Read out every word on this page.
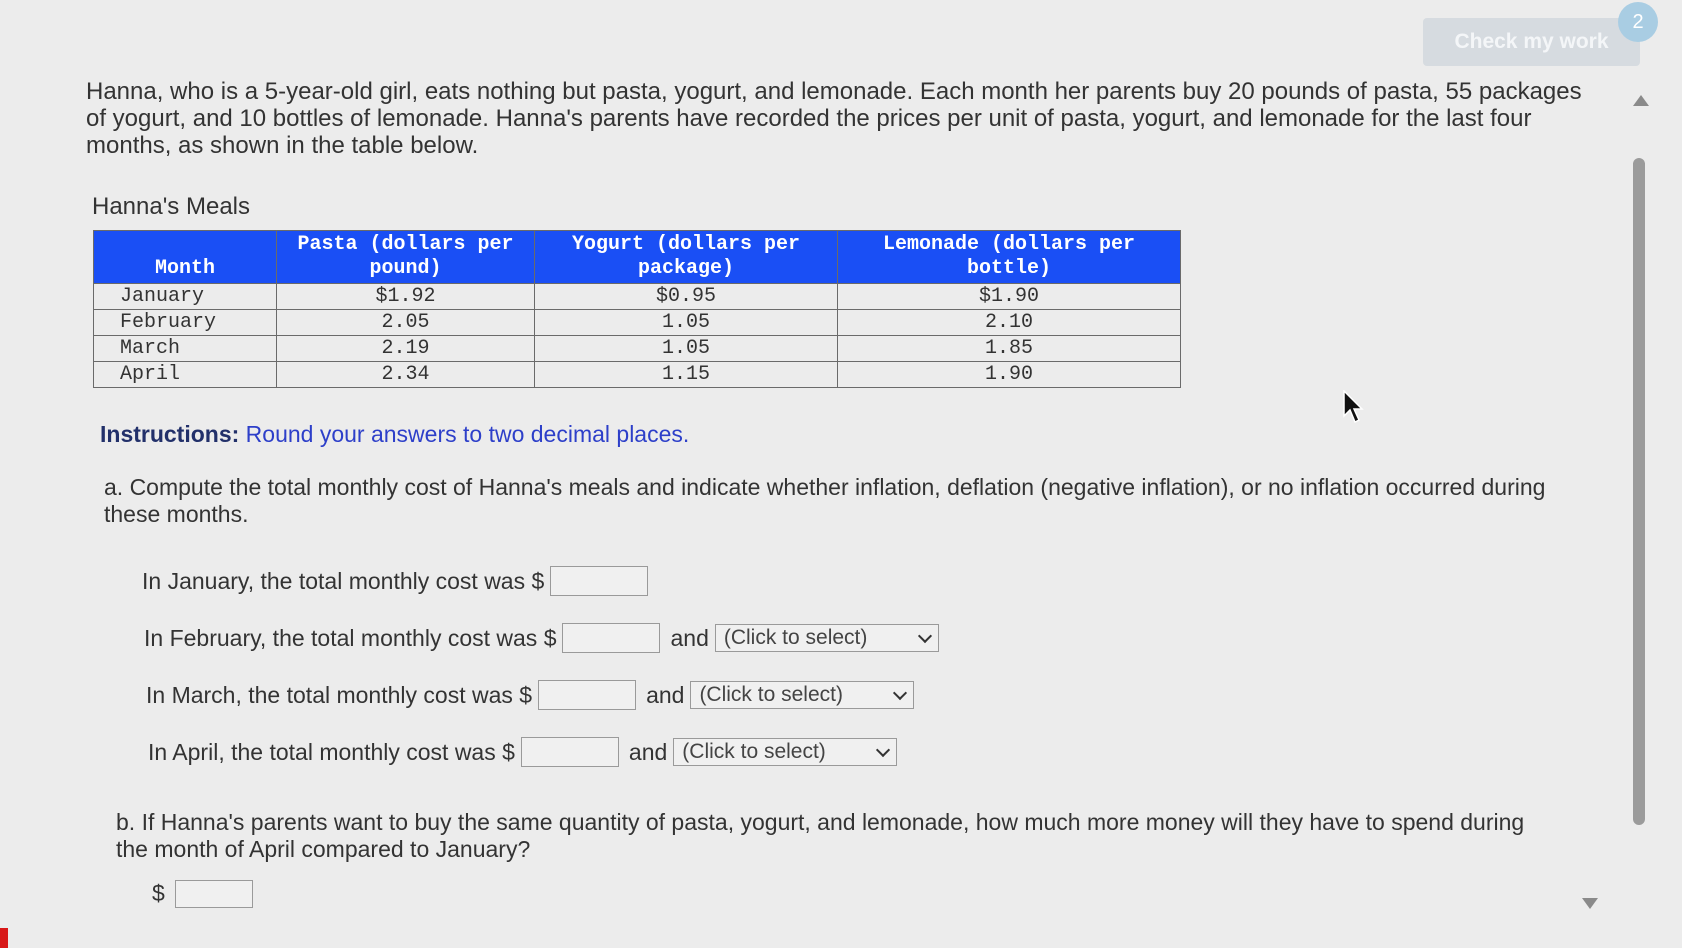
Check my work
2
Hanna, who is a 5-year-old girl, eats nothing but pasta, yogurt, and lemonade. Each month her parents buy 20 pounds of pasta, 55 packages of yogurt, and 10 bottles of lemonade. Hanna's parents have recorded the prices per unit of pasta, yogurt, and lemonade for the last four months, as shown in the table below.
Hanna's Meals
Month	Pasta (dollars per pound)	Yogurt (dollars per package)	Lemonade (dollars per bottle)
January	$1.92	$0.95	$1.90
February	2.05	1.05	2.10
March	2.19	1.05	1.85
April	2.34	1.15	1.90
Instructions: Round your answers to two decimal places.
a. Compute the total monthly cost of Hanna's meals and indicate whether inflation, deflation (negative inflation), or no inflation occurred during these months.
In January, the total monthly cost was $
In February, the total monthly cost was $	and (Click to select)
In March, the total monthly cost was $	and (Click to select)
In April, the total monthly cost was $	and (Click to select)
b. If Hanna's parents want to buy the same quantity of pasta, yogurt, and lemonade, how much more money will they have to spend during the month of April compared to January?
$
